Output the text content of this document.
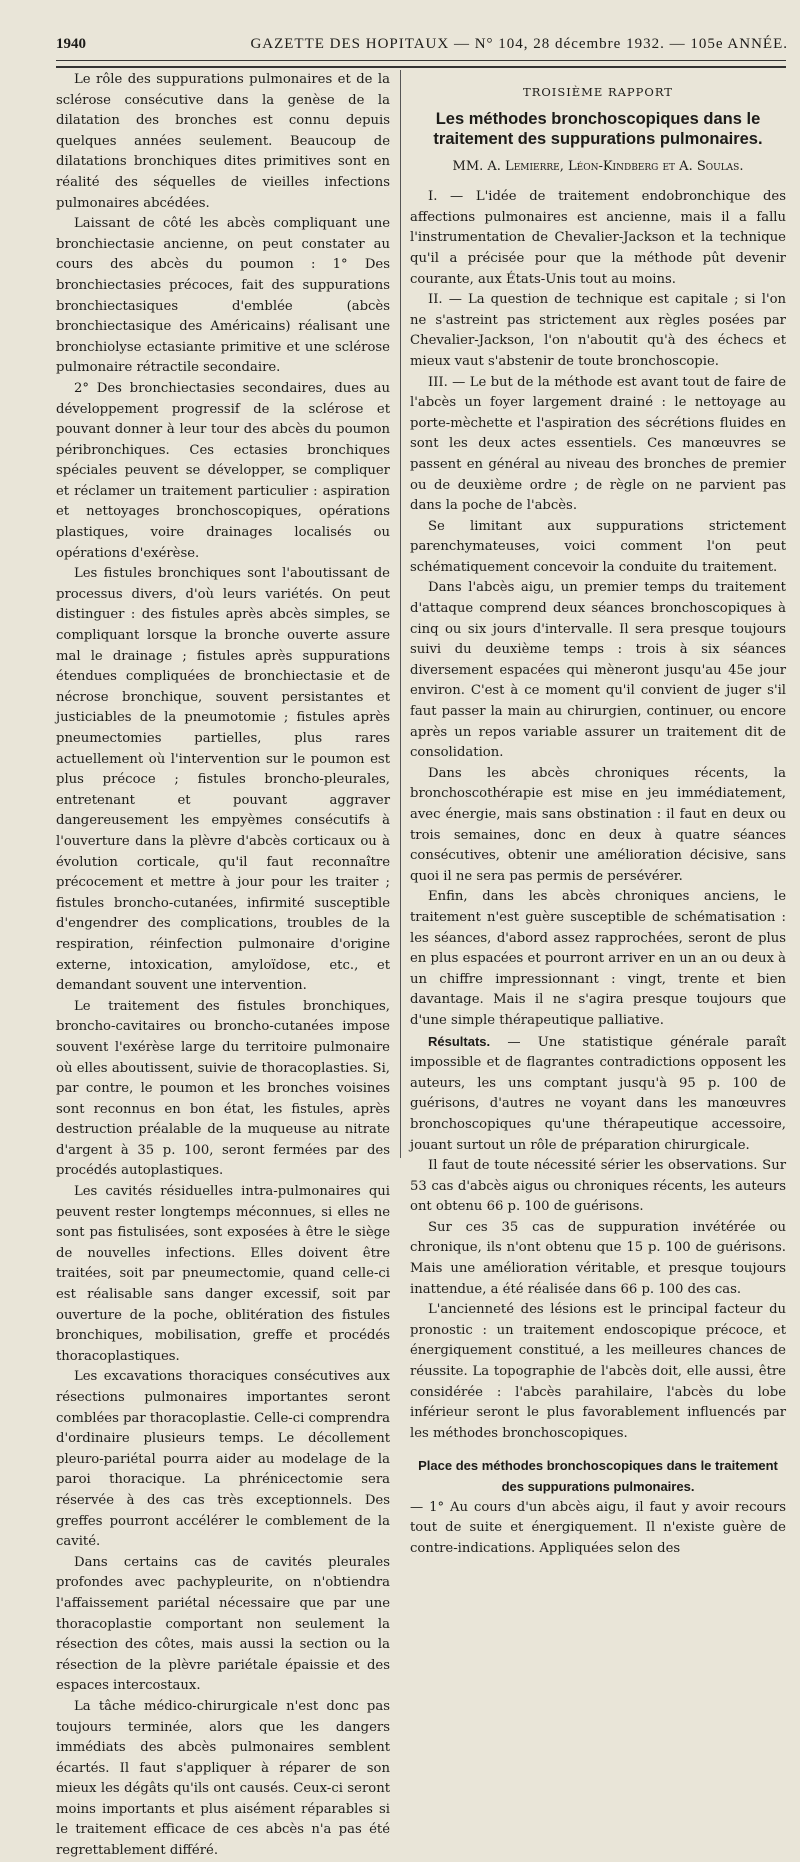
1940	GAZETTE DES HOPITAUX — N° 104, 28 décembre 1932. — 105e ANNÉE.

Le rôle des suppurations pulmonaires et de la sclérose consécutive dans la genèse de la dilatation des bronches est connu depuis quelques années seulement. Beaucoup de dilatations bronchiques dites primitives sont en réalité des séquelles de vieilles infections pulmonaires abcédées.

Laissant de côté les abcès compliquant une bronchiectasie ancienne, on peut constater au cours des abcès du poumon : 1° Des bronchiectasies précoces, fait des suppurations bronchiectasiques d'emblée (abcès bronchiectasique des Américains) réalisant une bronchiolyse ectasiante primitive et une sclérose pulmonaire rétractile secondaire.

2° Des bronchiectasies secondaires, dues au développement progressif de la sclérose et pouvant donner à leur tour des abcès du poumon péribronchiques. Ces ectasies bronchiques spéciales peuvent se développer, se compliquer et réclamer un traitement particulier : aspiration et nettoyages bronchoscopiques, opérations plastiques, voire drainages localisés ou opérations d'exérèse.

Les fistules bronchiques sont l'aboutissant de processus divers, d'où leurs variétés. On peut distinguer : des fistules après abcès simples, se compliquant lorsque la bronche ouverte assure mal le drainage ; fistules après suppurations étendues compliquées de bronchiectasie et de nécrose bronchique, souvent persistantes et justiciables de la pneumotomie ; fistules après pneumectomies partielles, plus rares actuellement où l'intervention sur le poumon est plus précoce ; fistules broncho-pleurales, entretenant et pouvant aggraver dangereusement les empyèmes consécutifs à l'ouverture dans la plèvre d'abcès corticaux ou à évolution corticale, qu'il faut reconnaître précocement et mettre à jour pour les traiter ; fistules broncho-cutanées, infirmité susceptible d'engendrer des complications, troubles de la respiration, réinfection pulmonaire d'origine externe, intoxication, amyloïdose, etc., et demandant souvent une intervention.

Le traitement des fistules bronchiques, broncho-cavitaires ou broncho-cutanées impose souvent l'exérèse large du territoire pulmonaire où elles aboutissent, suivie de thoracoplasties. Si, par contre, le poumon et les bronches voisines sont reconnus en bon état, les fistules, après destruction préalable de la muqueuse au nitrate d'argent à 35 p. 100, seront fermées par des procédés autoplastiques.

Les cavités résiduelles intra-pulmonaires qui peuvent rester longtemps méconnues, si elles ne sont pas fistulisées, sont exposées à être le siège de nouvelles infections. Elles doivent être traitées, soit par pneumectomie, quand celle-ci est réalisable sans danger excessif, soit par ouverture de la poche, oblitération des fistules bronchiques, mobilisation, greffe et procédés thoracoplastiques.

Les excavations thoraciques consécutives aux résections pulmonaires importantes seront comblées par thoracoplastie. Celle-ci comprendra d'ordinaire plusieurs temps. Le décollement pleuro-pariétal pourra aider au modelage de la paroi thoracique. La phrénicectomie sera réservée à des cas très exceptionnels. Des greffes pourront accélérer le comblement de la cavité.

Dans certains cas de cavités pleurales profondes avec pachypleurite, on n'obtiendra l'affaissement pariétal nécessaire que par une thoracoplastie comportant non seulement la résection des côtes, mais aussi la section ou la résection de la plèvre pariétale épaissie et des espaces intercostaux.

La tâche médico-chirurgicale n'est donc pas toujours terminée, alors que les dangers immédiats des abcès pulmonaires semblent écartés. Il faut s'appliquer à réparer de son mieux les dégâts qu'ils ont causés. Ceux-ci seront moins importants et plus aisément réparables si le traitement efficace de ces abcès n'a pas été regrettablement différé.

TROISIÈME RAPPORT
Les méthodes bronchoscopiques dans le traitement des suppurations pulmonaires.
MM. A. Lemierre, Léon-Kindberg et A. Soulas.

I. — L'idée de traitement endobronchique des affections pulmonaires est ancienne, mais il a fallu l'instrumentation de Chevalier-Jackson et la technique qu'il a précisée pour que la méthode pût devenir courante, aux États-Unis tout au moins.

II. — La question de technique est capitale ; si l'on ne s'astreint pas strictement aux règles posées par Chevalier-Jackson, l'on n'aboutit qu'à des échecs et mieux vaut s'abstenir de toute bronchoscopie.

III. — Le but de la méthode est avant tout de faire de l'abcès un foyer largement drainé : le nettoyage au porte-mèchette et l'aspiration des sécrétions fluides en sont les deux actes essentiels. Ces manœuvres se passent en général au niveau des bronches de premier ou de deuxième ordre ; de règle on ne parvient pas dans la poche de l'abcès.

Se limitant aux suppurations strictement parenchymateuses, voici comment l'on peut schématiquement concevoir la conduite du traitement.

Dans l'abcès aigu, un premier temps du traitement d'attaque comprend deux séances bronchoscopiques à cinq ou six jours d'intervalle. Il sera presque toujours suivi du deuxième temps : trois à six séances diversement espacées qui mèneront jusqu'au 45e jour environ. C'est à ce moment qu'il convient de juger s'il faut passer la main au chirurgien, continuer, ou encore après un repos variable assurer un traitement dit de consolidation.

Dans les abcès chroniques récents, la bronchoscothérapie est mise en jeu immédiatement, avec énergie, mais sans obstination : il faut en deux ou trois semaines, donc en deux à quatre séances consécutives, obtenir une amélioration décisive, sans quoi il ne sera pas permis de persévérer.

Enfin, dans les abcès chroniques anciens, le traitement n'est guère susceptible de schématisation : les séances, d'abord assez rapprochées, seront de plus en plus espacées et pourront arriver en un an ou deux à un chiffre impressionnant : vingt, trente et bien davantage. Mais il ne s'agira presque toujours que d'une simple thérapeutique palliative.

Résultats. — Une statistique générale paraît impossible et de flagrantes contradictions opposent les auteurs, les uns comptant jusqu'à 95 p. 100 de guérisons, d'autres ne voyant dans les manœuvres bronchoscopiques qu'une thérapeutique accessoire, jouant surtout un rôle de préparation chirurgicale.

Il faut de toute nécessité sérier les observations. Sur 53 cas d'abcès aigus ou chroniques récents, les auteurs ont obtenu 66 p. 100 de guérisons.

Sur ces 35 cas de suppuration invétérée ou chronique, ils n'ont obtenu que 15 p. 100 de guérisons. Mais une amélioration véritable, et presque toujours inattendue, a été réalisée dans 66 p. 100 des cas.

L'ancienneté des lésions est le principal facteur du pronostic : un traitement endoscopique précoce, et énergiquement constitué, a les meilleures chances de réussite. La topographie de l'abcès doit, elle aussi, être considérée : l'abcès parahilaire, l'abcès du lobe inférieur seront le plus favorablement influencés par les méthodes bronchoscopiques.

Place des méthodes bronchoscopiques dans le traitement des suppurations pulmonaires.

— 1° Au cours d'un abcès aigu, il faut y avoir recours tout de suite et énergiquement. Il n'existe guère de contre-indications. Appliquées selon des
